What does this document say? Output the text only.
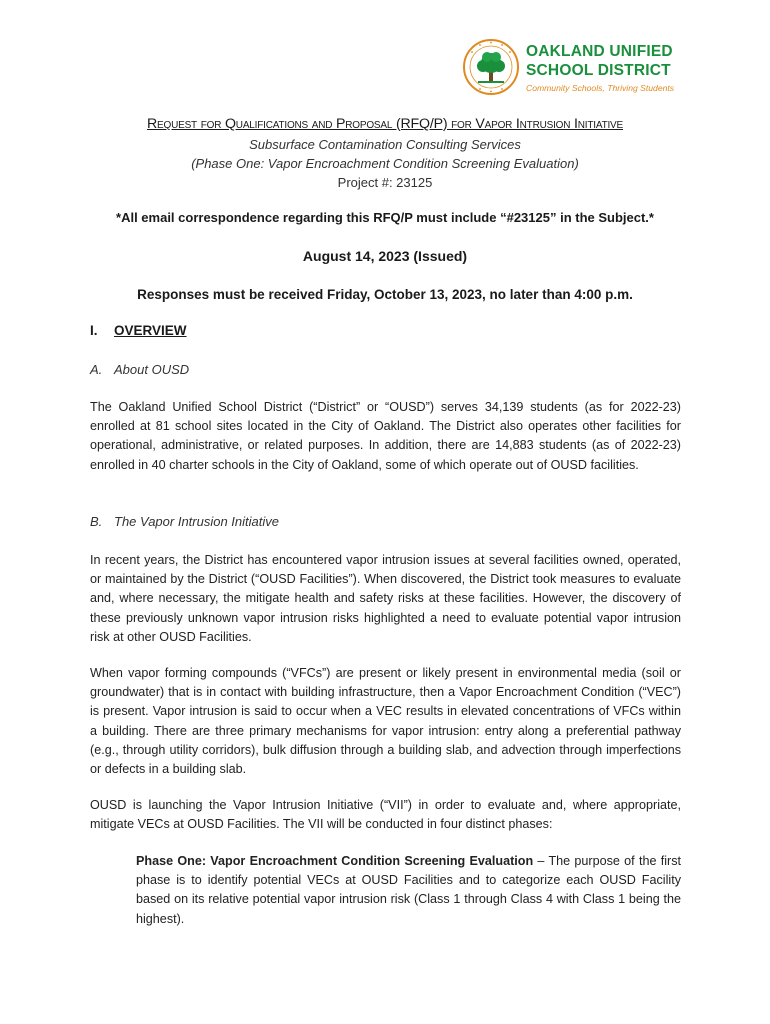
OAKLAND UNIFIED
SCHOOL DISTRICT
Community Schools, Thriving Students
Request for Qualifications and Proposal (RFQ/P) for Vapor Intrusion Initiative
Subsurface Contamination Consulting Services
(Phase One: Vapor Encroachment Condition Screening Evaluation)
Project #: 23125
*All email correspondence regarding this RFQ/P must include “#23125” in the Subject.*
August 14, 2023 (Issued)
Responses must be received Friday, October 13, 2023, no later than 4:00 p.m.
I. OVERVIEW
A. About OUSD
The Oakland Unified School District (“District” or “OUSD”) serves 34,139 students (as for 2022-23) enrolled at 81 school sites located in the City of Oakland. The District also operates other facilities for operational, administrative, or related purposes. In addition, there are 14,883 students (as of 2022-23) enrolled in 40 charter schools in the City of Oakland, some of which operate out of OUSD facilities.
B. The Vapor Intrusion Initiative
In recent years, the District has encountered vapor intrusion issues at several facilities owned, operated, or maintained by the District (“OUSD Facilities”). When discovered, the District took measures to evaluate and, where necessary, the mitigate health and safety risks at these facilities. However, the discovery of these previously unknown vapor intrusion risks highlighted a need to evaluate potential vapor intrusion risk at other OUSD Facilities.
When vapor forming compounds (“VFCs”) are present or likely present in environmental media (soil or groundwater) that is in contact with building infrastructure, then a Vapor Encroachment Condition (“VEC”) is present. Vapor intrusion is said to occur when a VEC results in elevated concentrations of VFCs within a building. There are three primary mechanisms for vapor intrusion: entry along a preferential pathway (e.g., through utility corridors), bulk diffusion through a building slab, and advection through imperfections or defects in a building slab.
OUSD is launching the Vapor Intrusion Initiative (“VII”) in order to evaluate and, where appropriate, mitigate VECs at OUSD Facilities. The VII will be conducted in four distinct phases:
Phase One: Vapor Encroachment Condition Screening Evaluation – The purpose of the first phase is to identify potential VECs at OUSD Facilities and to categorize each OUSD Facility based on its relative potential vapor intrusion risk (Class 1 through Class 4 with Class 1 being the highest).
